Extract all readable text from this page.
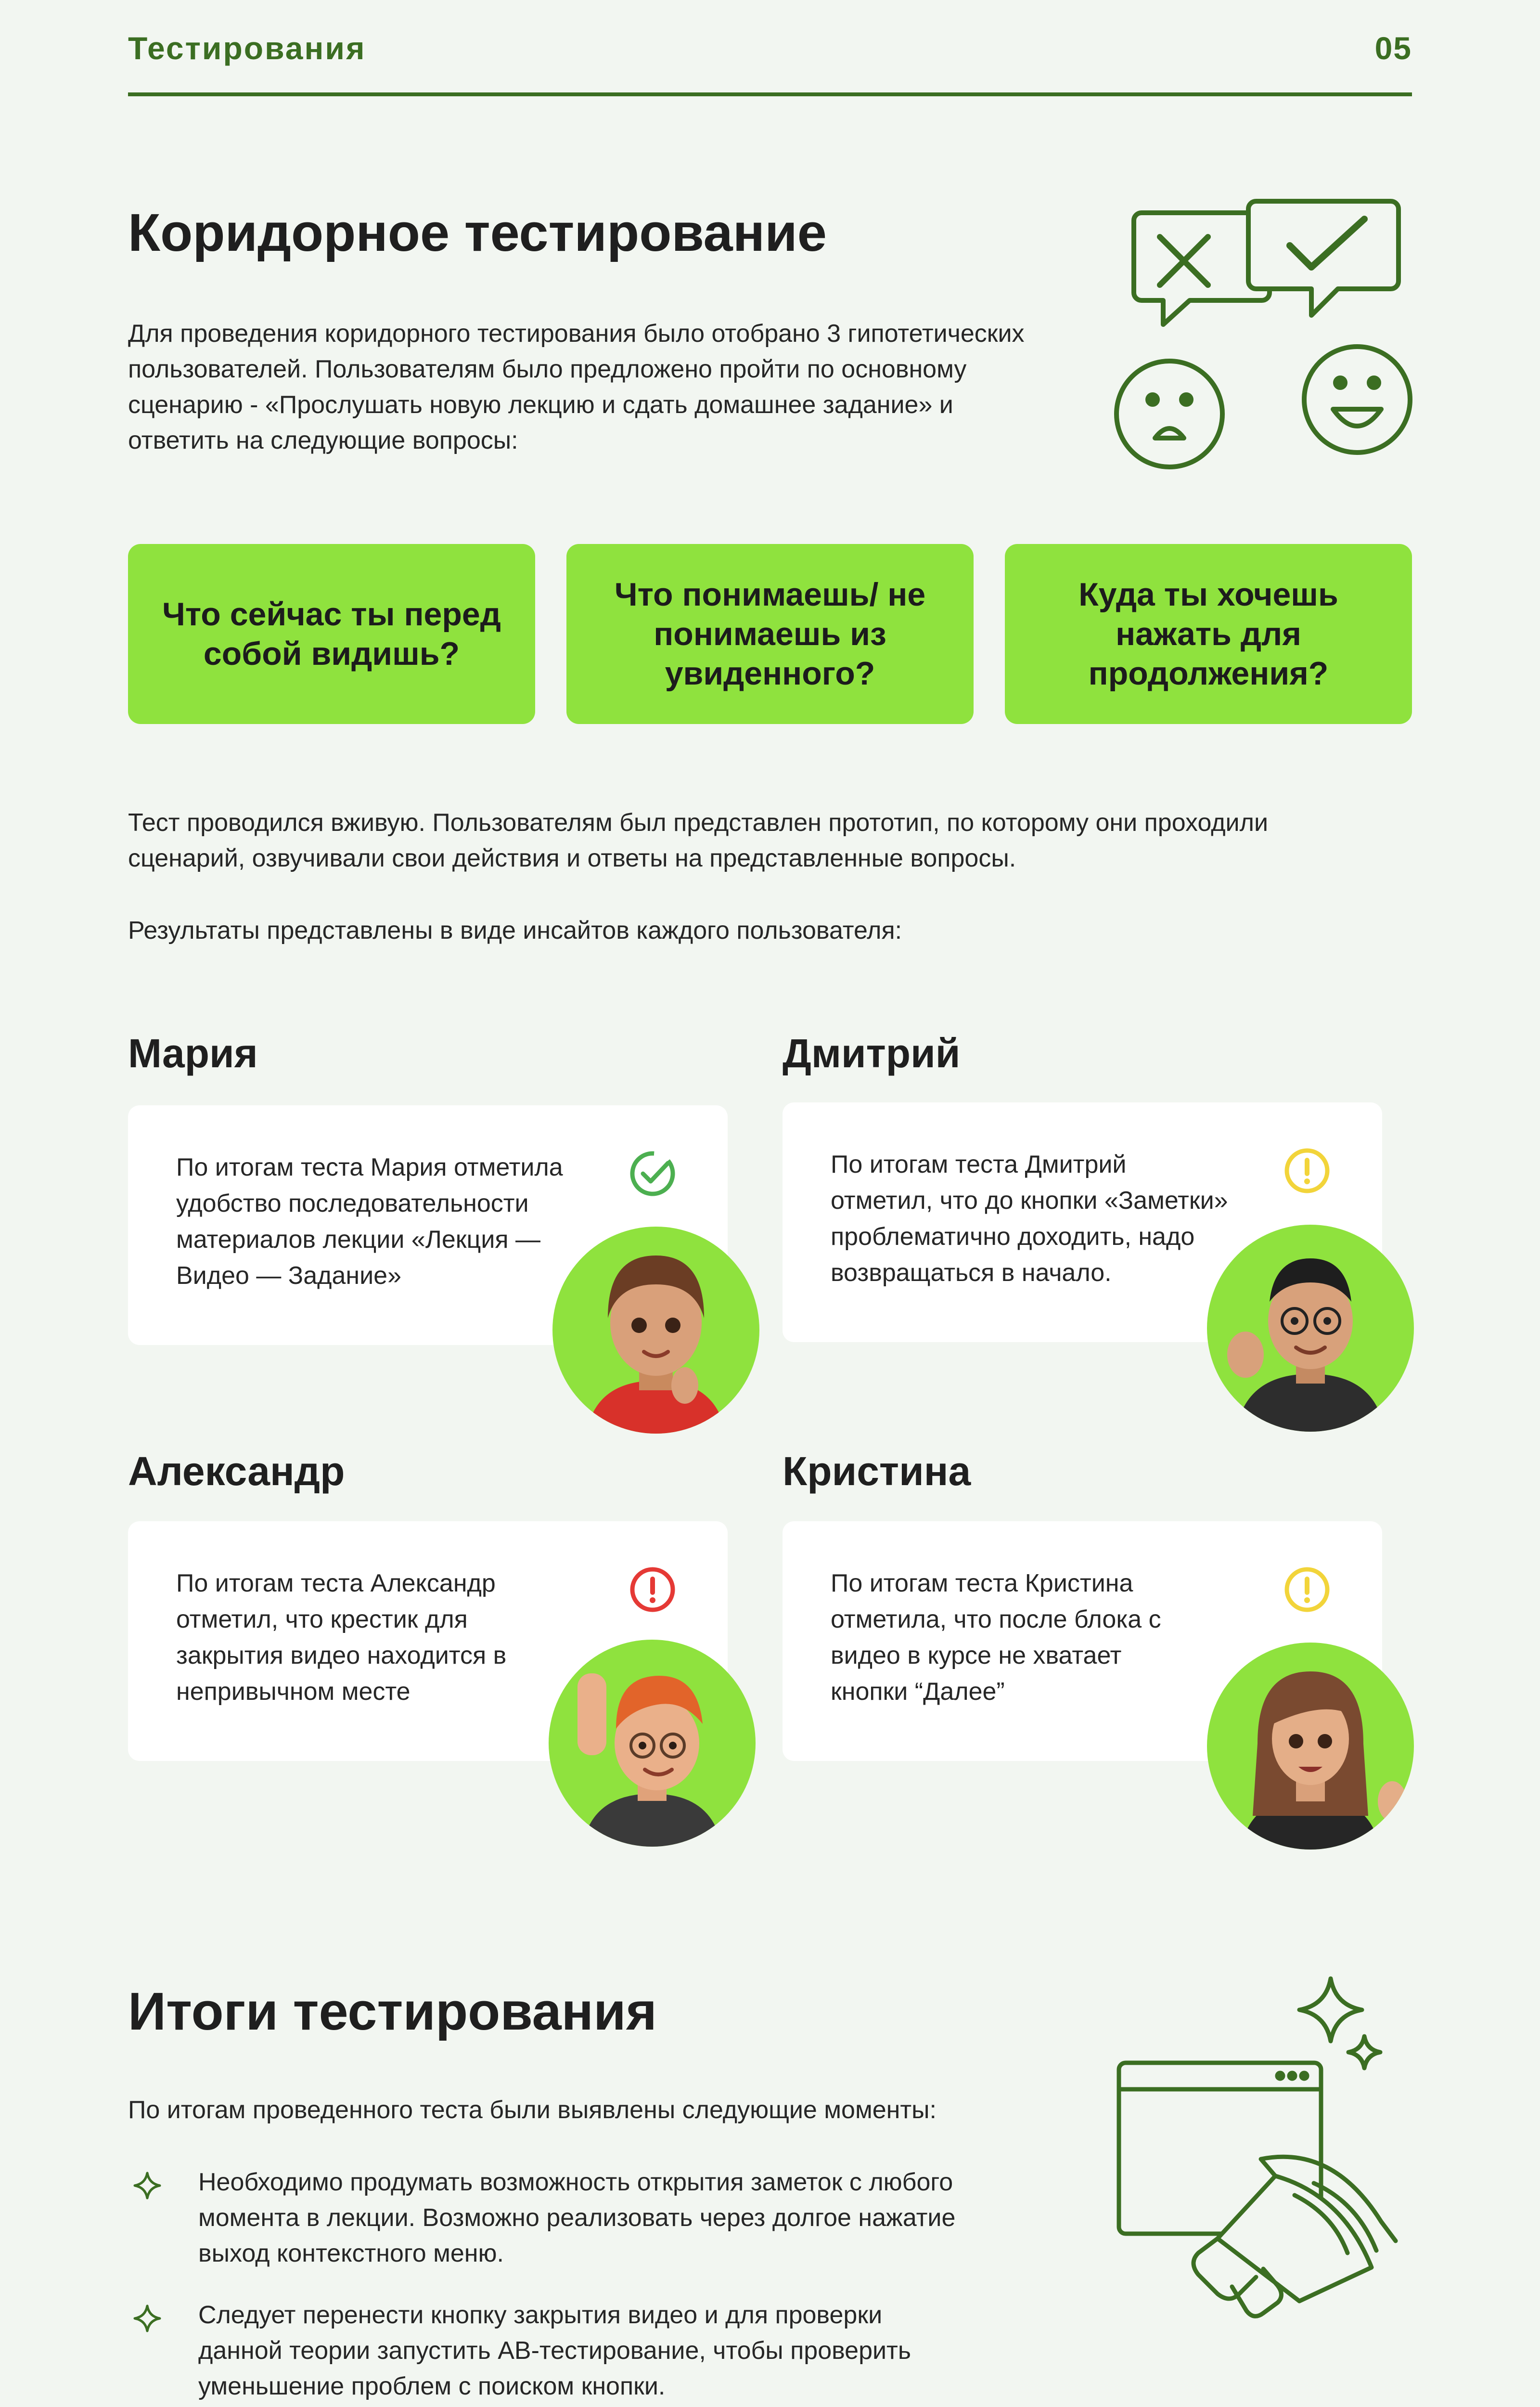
Тестирования	05
Коридорное тестирование
Для проведения коридорного тестирования было отобрано 3 гипотетических
пользователей. Пользователям было предложено пройти по основному
сценарию - «Прослушать новую лекцию и сдать домашнее задание» и
ответить на следующие вопросы:
Что сейчас ты перед
собой видишь?
Что понимаешь/ не
понимаешь из
увиденного?
Куда ты хочешь
нажать для
продолжения?
Тест проводился вживую. Пользователям был представлен прототип, по которому они проходили
сценарий, озвучивали свои действия и ответы на представленные вопросы.
Результаты представлены в виде инсайтов каждого пользователя:
Мария
По итогам теста Мария отметила
удобство последовательности
материалов лекции «Лекция —
Видео — Задание»
Дмитрий
По итогам теста Дмитрий
отметил, что до кнопки «Заметки»
проблематично доходить, надо
возвращаться в начало.
Александр
По итогам теста Александр
отметил, что крестик для
закрытия видео находится в
непривычном месте
Кристина
По итогам теста Кристина
отметила, что после блока с
видео в курсе не хватает
кнопки “Далее”
Итоги тестирования
По итогам проведенного теста были выявлены следующие моменты:
Необходимо продумать возможность открытия заметок с любого
момента в лекции. Возможно реализовать через долгое нажатие
выход контекстного меню.
Следует перенести кнопку закрытия видео и для проверки
данной теории запустить АВ-тестирование, чтобы проверить
уменьшение проблем с поиском кнопки.
